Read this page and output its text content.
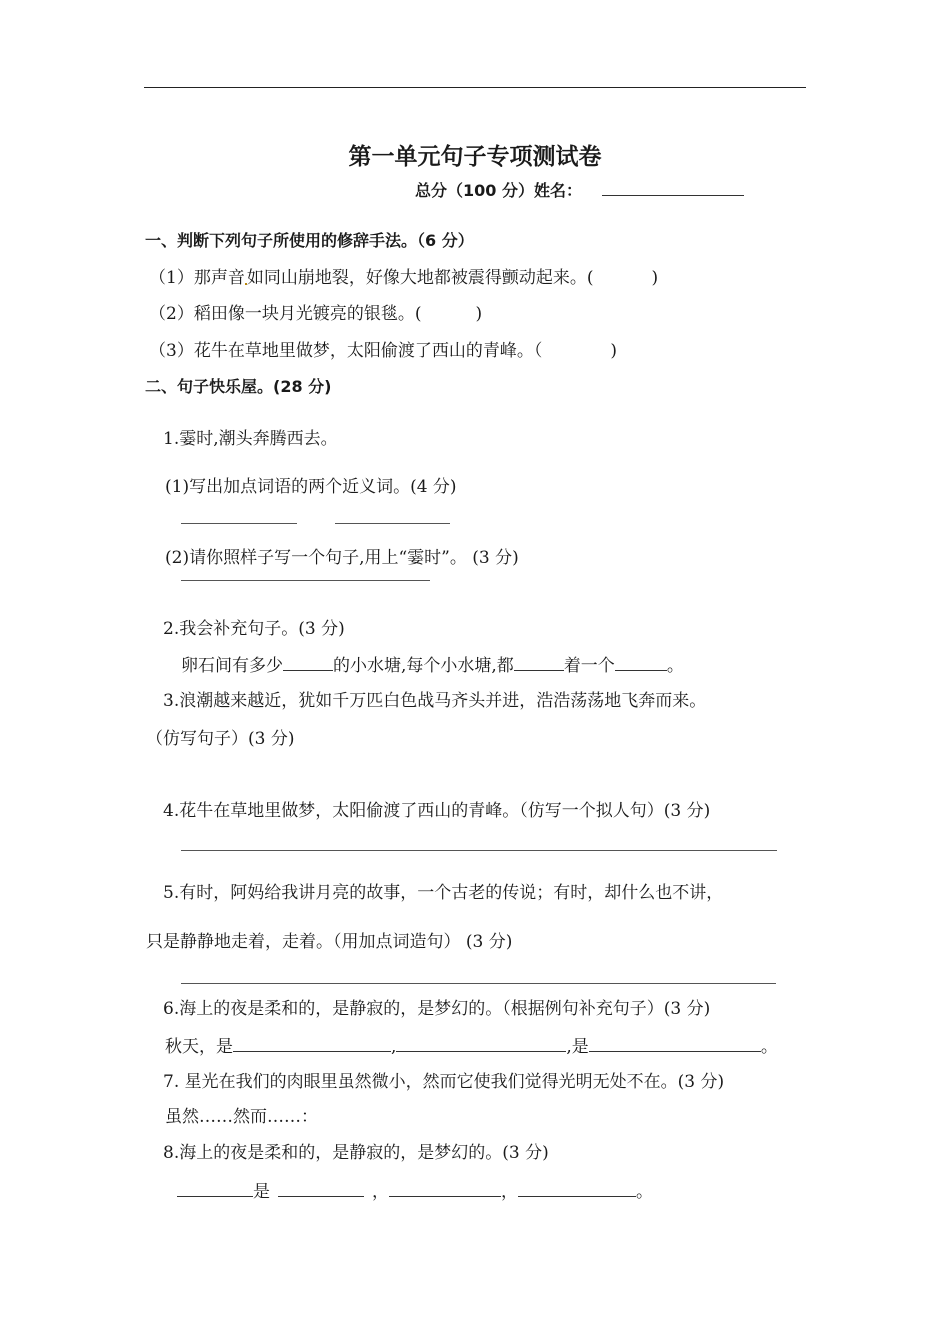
第一单元句子专项测试卷
总分（100 分）姓名：
一、判断下列句子所使用的修辞手法。（6 分）
（1）那声音 如同山崩地裂，好像大地都被震得颤动起来。(	)
（2）稻田像一块月光镀亮的银毯。(	)
（3）花牛在草地里做梦，太阳偷渡了西山的青峰。（	)
二、句子快乐屋。(28 分)
1.霎时,潮头奔腾西去。
(1)写出加点词语的两个近义词。(4 分)
(2)请你照样子写一个句子,用上“霎时”。 (3 分)
2.我会补充句子。(3 分)
卵石间有多少	的小水塘,每个小水塘,都	着一个	。
3.浪潮越来越近，犹如千万匹白色战马齐头并进，浩浩荡荡地飞奔而来。
（仿写句子）(3 分)
4.花牛在草地里做梦，太阳偷渡了西山的青峰。（仿写一个拟人句）(3 分)
5.有时，阿妈给我讲月亮的故事，一个古老的传说；有时，却什么也不讲，
只是静静地走着，走着。（用加点词造句） (3 分)
6.海上的夜是柔和的，是静寂的，是梦幻的。（根据例句补充句子）(3 分)
秋天，是	,	,是	。
7. 星光在我们的肉眼里虽然微小，然而它使我们觉得光明无处不在。(3 分)
虽然……然而……：
8.海上的夜是柔和的，是静寂的，是梦幻的。(3 分)
是	，	，	。
